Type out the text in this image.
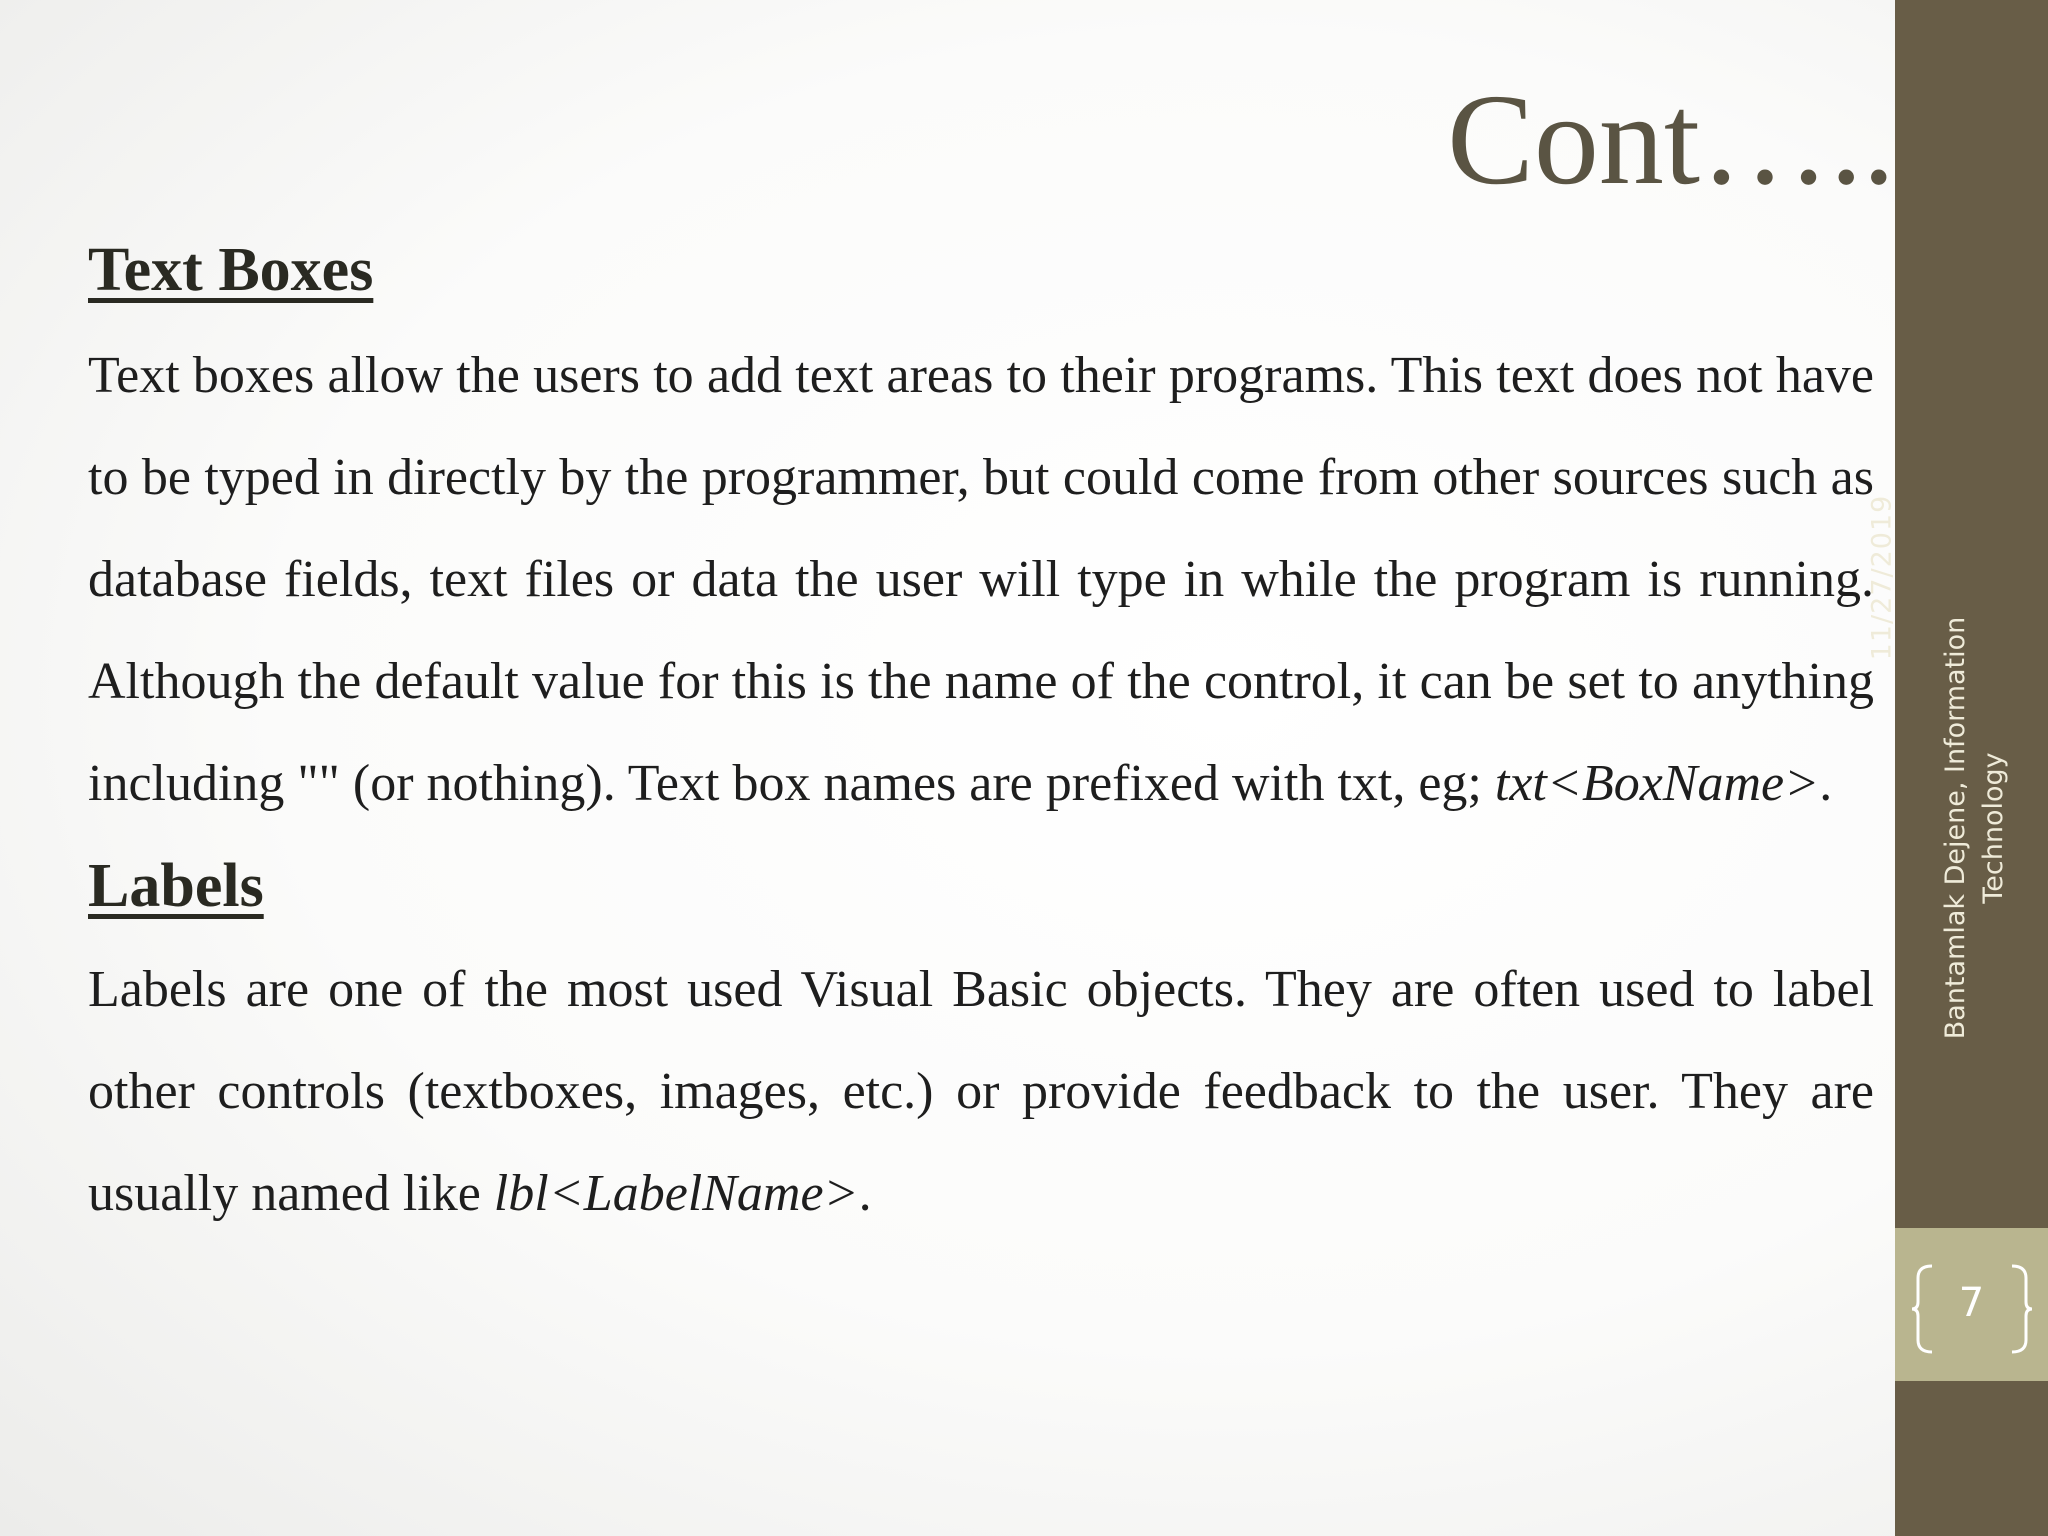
11/27/2019
Bantamlak Dejene, Information Technology
7
Cont…..
Text Boxes

Text boxes allow the users to add text areas to their programs. This text does not have to be typed in directly by the programmer, but could come from other sources such as database fields, text files or data the user will type in while the program is running. Although the default value for this is the name of the control, it can be set to anything including "" (or nothing). Text box names are prefixed with txt, eg; txt<BoxName>.

Labels

Labels are one of the most used Visual Basic objects. They are often used to label other controls (textboxes, images, etc.) or provide feedback to the user. They are usually named like lbl<LabelName>.
